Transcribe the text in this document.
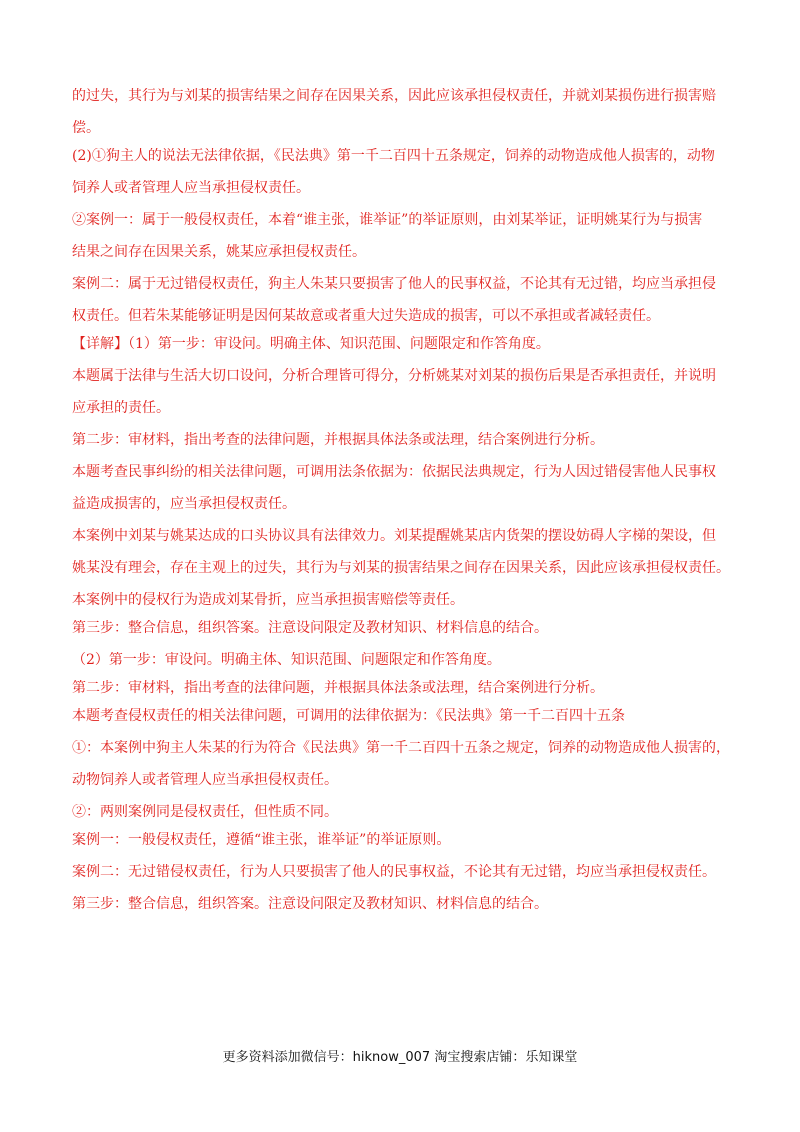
的过失，其行为与刘某的损害结果之间存在因果关系，因此应该承担侵权责任，并就刘某损伤进行损害赔
偿。
(2)①狗主人的说法无法律依据，《民法典》第一千二百四十五条规定，饲养的动物造成他人损害的，动物
饲养人或者管理人应当承担侵权责任。
②案例一：属于一般侵权责任，本着“谁主张，谁举证”的举证原则，由刘某举证，证明姚某行为与损害
结果之间存在因果关系，姚某应承担侵权责任。
案例二：属于无过错侵权责任，狗主人朱某只要损害了他人的民事权益，不论其有无过错，均应当承担侵
权责任。但若朱某能够证明是因何某故意或者重大过失造成的损害，可以不承担或者减轻责任。
【详解】（1）第一步：审设问。明确主体、知识范围、问题限定和作答角度。
本题属于法律与生活大切口设问，分析合理皆可得分，分析姚某对刘某的损伤后果是否承担责任，并说明
应承担的责任。
第二步：审材料，指出考查的法律问题，并根据具体法条或法理，结合案例进行分析。
本题考查民事纠纷的相关法律问题，可调用法条依据为：依据民法典规定，行为人因过错侵害他人民事权
益造成损害的，应当承担侵权责任。
本案例中刘某与姚某达成的口头协议具有法律效力。刘某提醒姚某店内货架的摆设妨碍人字梯的架设，但
姚某没有理会，存在主观上的过失，其行为与刘某的损害结果之间存在因果关系，因此应该承担侵权责任。
本案例中的侵权行为造成刘某骨折，应当承担损害赔偿等责任。
第三步：整合信息，组织答案。注意设问限定及教材知识、材料信息的结合。
（2）第一步：审设问。明确主体、知识范围、问题限定和作答角度。
第二步：审材料，指出考查的法律问题，并根据具体法条或法理，结合案例进行分析。
本题考查侵权责任的相关法律问题，可调用的法律依据为：《民法典》第一千二百四十五条
①：本案例中狗主人朱某的行为符合《民法典》第一千二百四十五条之规定，饲养的动物造成他人损害的，
动物饲养人或者管理人应当承担侵权责任。
②：两则案例同是侵权责任，但性质不同。
案例一：一般侵权责任，遵循“谁主张，谁举证”的举证原则。
案例二：无过错侵权责任，行为人只要损害了他人的民事权益，不论其有无过错，均应当承担侵权责任。
第三步：整合信息，组织答案。注意设问限定及教材知识、材料信息的结合。
更多资料添加微信号：hiknow_007 淘宝搜索店铺：乐知课堂
